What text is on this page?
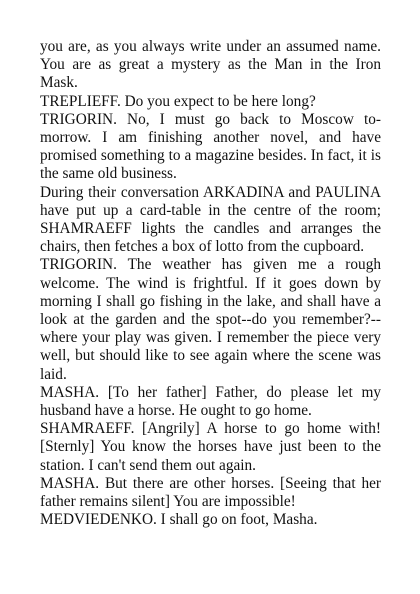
you are, as you always write under an assumed name. You are as great a mystery as the Man in the Iron Mask.

TREPLIEFF. Do you expect to be here long?

TRIGORIN. No, I must go back to Moscow to-morrow. I am finishing another novel, and have promised something to a magazine besides. In fact, it is the same old business.

During their conversation ARKADINA and PAULINA have put up a card-table in the centre of the room; SHAMRAEFF lights the candles and arranges the chairs, then fetches a box of lotto from the cupboard.

TRIGORIN. The weather has given me a rough welcome. The wind is frightful. If it goes down by morning I shall go fishing in the lake, and shall have a look at the garden and the spot--do you remember?--where your play was given. I remember the piece very well, but should like to see again where the scene was laid.

MASHA. [To her father] Father, do please let my husband have a horse. He ought to go home.

SHAMRAEFF. [Angrily] A horse to go home with! [Sternly] You know the horses have just been to the station. I can't send them out again.

MASHA. But there are other horses. [Seeing that her father remains silent] You are impossible!

MEDVIEDENKO. I shall go on foot, Masha.
